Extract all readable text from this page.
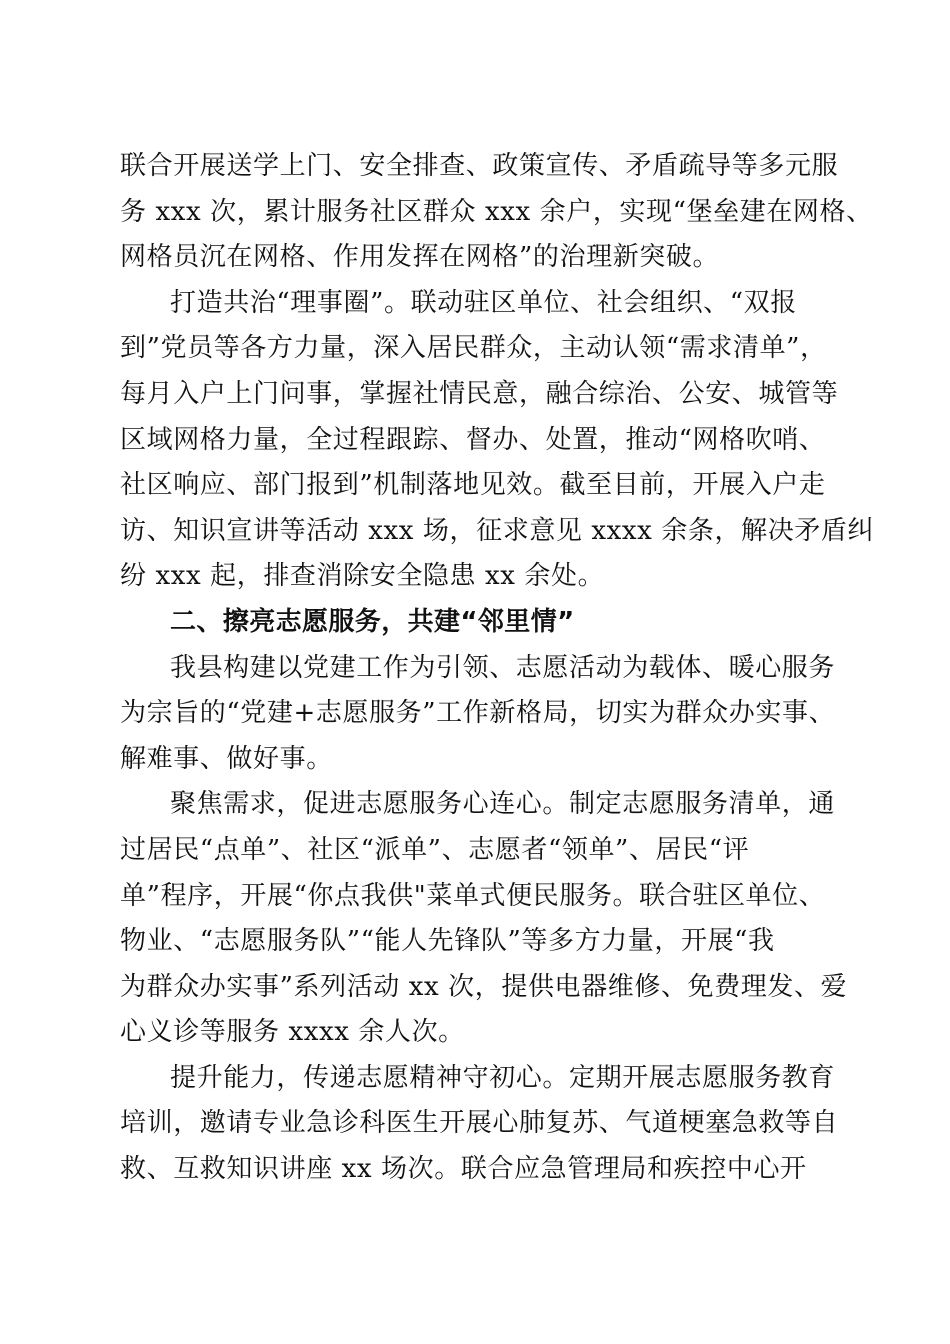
联合开展送学上门、安全排查、政策宣传、矛盾疏导等多元服
务 xxx 次，累计服务社区群众 xxx 余户，实现“堡垒建在网格、
网格员沉在网格、作用发挥在网格”的治理新突破。
打造共治“理事圈”。联动驻区单位、社会组织、“双报
到”党员等各方力量，深入居民群众，主动认领“需求清单”，
每月入户上门问事，掌握社情民意，融合综治、公安、城管等
区域网格力量，全过程跟踪、督办、处置，推动“网格吹哨、
社区响应、部门报到”机制落地见效。截至目前，开展入户走
访、知识宣讲等活动 xxx 场，征求意见 xxxx 余条，解决矛盾纠
纷 xxx 起，排查消除安全隐患 xx 余处。
二、擦亮志愿服务，共建“邻里情”
我县构建以党建工作为引领、志愿活动为载体、暖心服务
为宗旨的“党建+志愿服务”工作新格局，切实为群众办实事、
解难事、做好事。
聚焦需求，促进志愿服务心连心。制定志愿服务清单，通
过居民“点单”、社区“派单”、志愿者“领单”、居民“评
单”程序，开展“你点我供"菜单式便民服务。联合驻区单位、
物业、“志愿服务队”“能人先锋队”等多方力量，开展“我
为群众办实事”系列活动 xx 次，提供电器维修、免费理发、爱
心义诊等服务 xxxx 余人次。
提升能力，传递志愿精神守初心。定期开展志愿服务教育
培训，邀请专业急诊科医生开展心肺复苏、气道梗塞急救等自
救、互救知识讲座 xx 场次。联合应急管理局和疾控中心开
